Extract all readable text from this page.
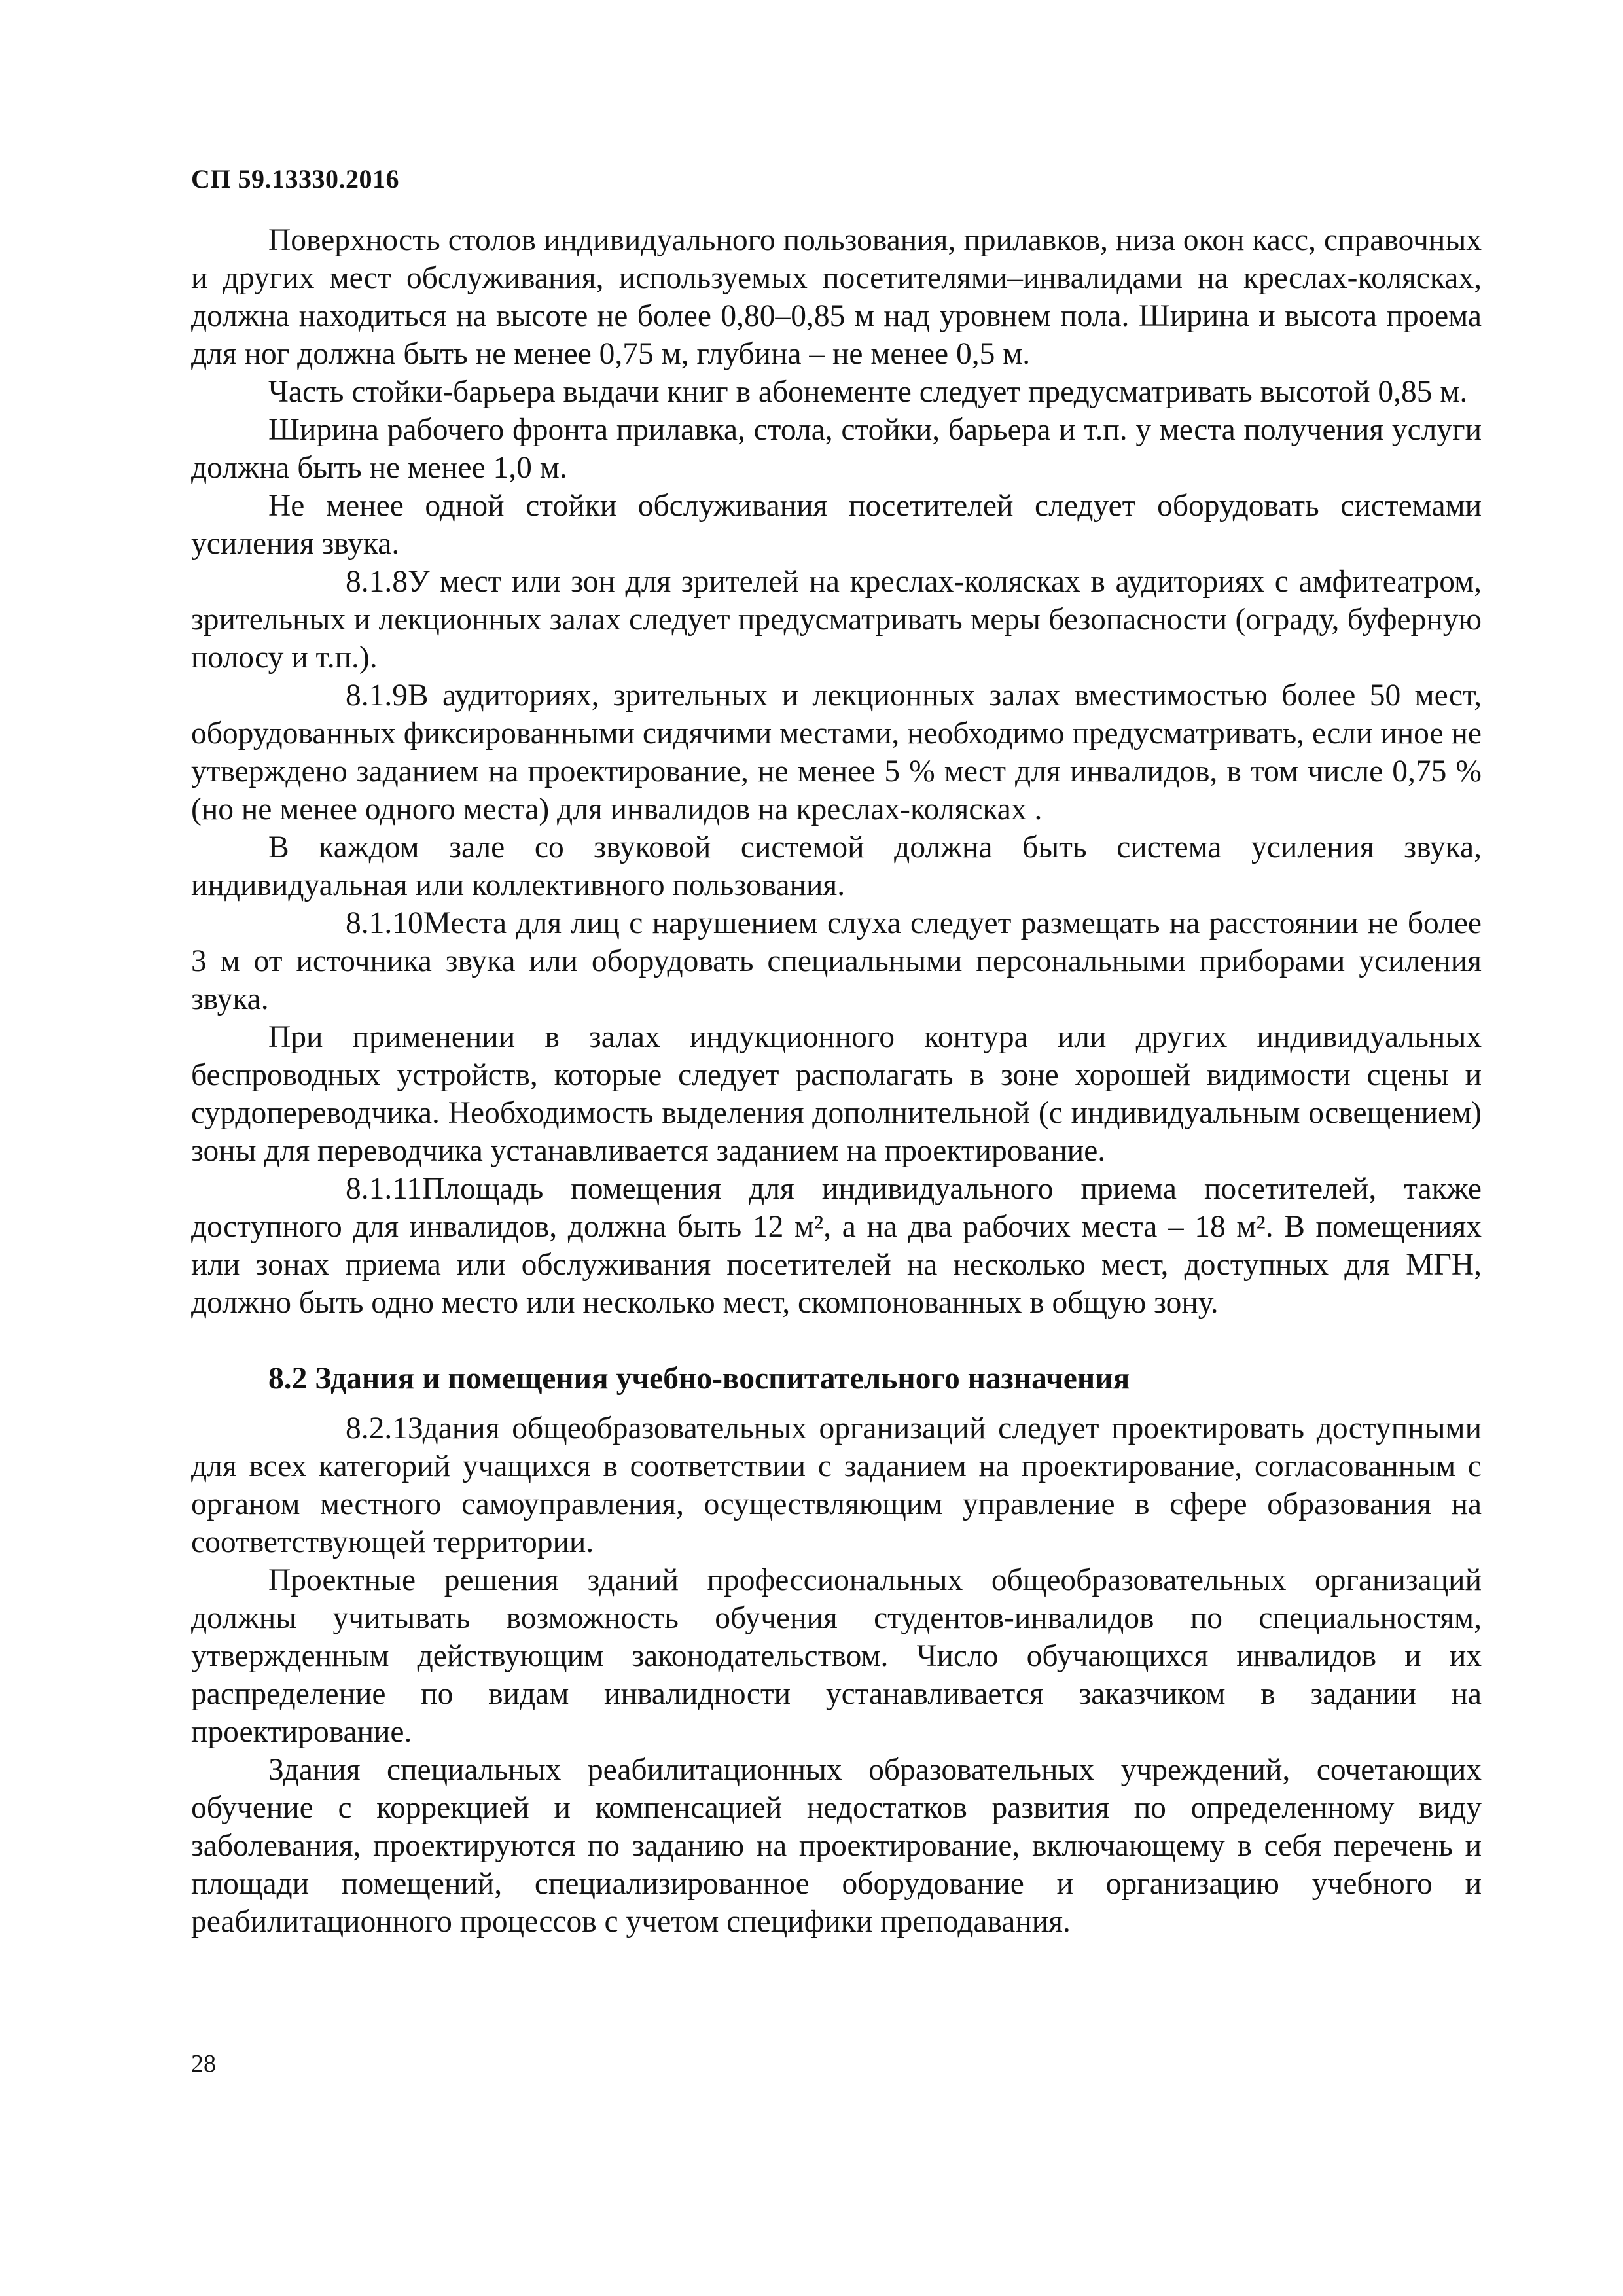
СП 59.13330.2016

Поверхность столов индивидуального пользования, прилавков, низа окон касс, справочных и других мест обслуживания, используемых посетителями–инвалидами на креслах-колясках, должна находиться на высоте не более 0,80–0,85 м над уровнем пола. Ширина и высота проема для ног должна быть не менее 0,75 м, глубина – не менее 0,5 м.

Часть стойки-барьера выдачи книг в абонементе следует предусматривать высотой 0,85 м.

Ширина рабочего фронта прилавка, стола, стойки, барьера и т.п. у места получения услуги должна быть не менее 1,0 м.

Не менее одной стойки обслуживания посетителей следует оборудовать системами усиления звука.

8.1.8У мест или зон для зрителей на креслах-колясках в аудиториях с амфитеатром, зрительных и лекционных залах следует предусматривать меры безопасности (ограду, буферную полосу и т.п.).

8.1.9В аудиториях, зрительных и лекционных залах вместимостью более 50 мест, оборудованных фиксированными сидячими местами, необходимо предусматривать, если иное не утверждено заданием на проектирование, не менее 5 % мест для инвалидов, в том числе 0,75 % (но не менее одного места) для инвалидов на креслах-колясках .

В каждом зале со звуковой системой должна быть система усиления звука, индивидуальная или коллективного пользования.

8.1.10Места для лиц с нарушением слуха следует размещать на расстоянии не более 3 м от источника звука или оборудовать специальными персональными приборами усиления звука.

При применении в залах индукционного контура или других индивидуальных беспроводных устройств, которые следует располагать в зоне хорошей видимости сцены и сурдопереводчика. Необходимость выделения дополнительной (с индивидуальным освещением) зоны для переводчика устанавливается заданием на проектирование.

8.1.11Площадь помещения для индивидуального приема посетителей, также доступного для инвалидов, должна быть 12 м², а на два рабочих места – 18 м². В помещениях или зонах приема или обслуживания посетителей на несколько мест, доступных для МГН, должно быть одно место или несколько мест, скомпонованных в общую зону.

8.2 Здания и помещения учебно-воспитательного назначения

8.2.1Здания общеобразовательных организаций следует проектировать доступными для всех категорий учащихся в соответствии с заданием на проектирование, согласованным с органом местного самоуправления, осуществляющим управление в сфере образования на соответствующей территории.

Проектные решения зданий профессиональных общеобразовательных организаций должны учитывать возможность обучения студентов-инвалидов по специальностям, утвержденным действующим законодательством. Число обучающихся инвалидов и их распределение по видам инвалидности устанавливается заказчиком в задании на проектирование.

Здания специальных реабилитационных образовательных учреждений, сочетающих обучение с коррекцией и компенсацией недостатков развития по определенному виду заболевания, проектируются по заданию на проектирование, включающему в себя перечень и площади помещений, специализированное оборудование и организацию учебного и реабилитационного процессов с учетом специфики преподавания.

28
